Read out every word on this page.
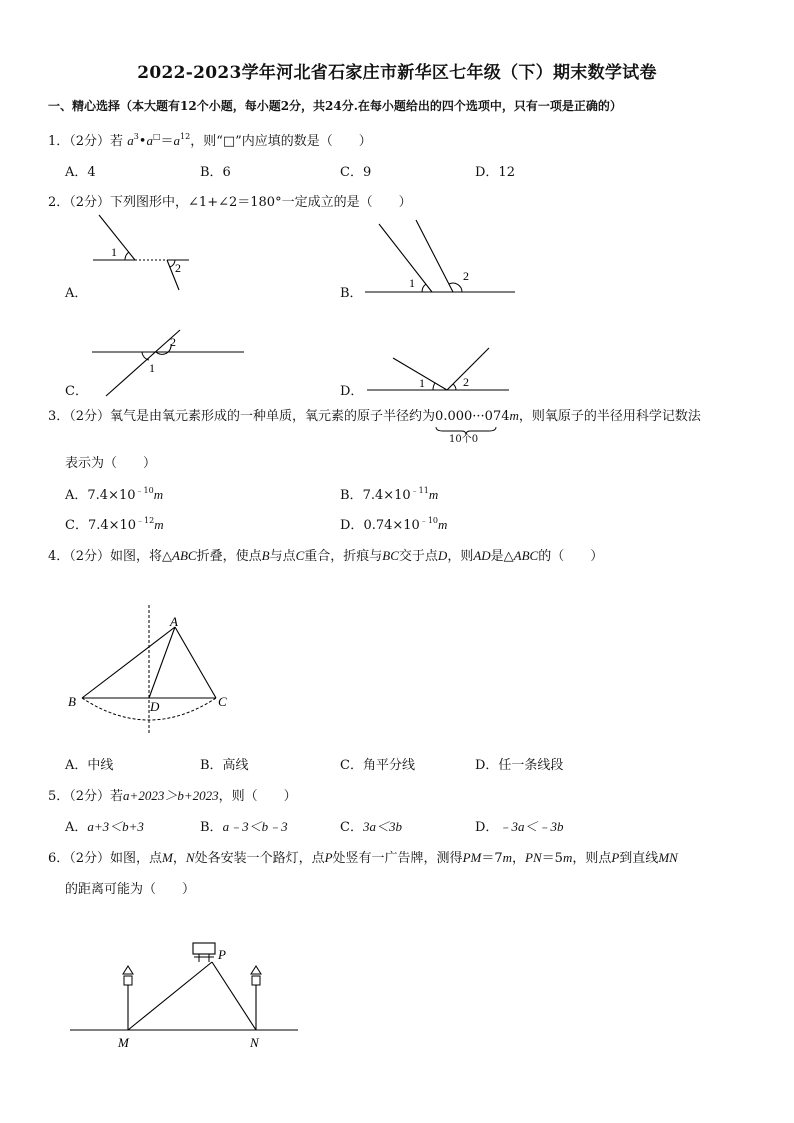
2022-2023学年河北省石家庄市新华区七年级（下）期末数学试卷
一、精心选择（本大题有12个小题，每小题2分，共24分.在每小题给出的四个选项中，只有一项是正确的）
1．（2分）若 $a^3•a^□=a^{12}$，则“□”内应填的数是（　　）
A．4	B．6	C．9	D．12
2．（2分）下列图形中，∠1+∠2＝180°一定成立的是（　　）
1
2
A．
1	2
B．
2
1
C．
1	2
D．
3．（2分）氧气是由氧元素形成的一种单质，氧元素的原子半径约为0.000···0
10个0
74m，则氧原子的半径用科学记数法
表示为（　　）
A．$7.4\times 10^{﹣10}m$	B．$7.4\times 10^{﹣11}m$
C．$7.4\times 10^{﹣12}m$	D．$0.74\times 10^{﹣10}m$
4．（2分）如图，将△ABC折叠，使点B与点C重合，折痕与BC交于点D，则AD是△ABC的（　　）
A
B	C
D
A．中线	B．高线	C．角平分线	D．任一条线段
5．（2分）若a+2023＞b+2023，则（　　）
A．a+3＜b+3	B．a﹣3＜b﹣3	C．3a＜3b	D．﹣3a＜﹣3b
6．（2分）如图，点M，N处各安装一个路灯，点P处竖有一广告牌，测得PM＝7m，PN＝5m，则点P到直线MN
的距离可能为（　　）
P
M	N
